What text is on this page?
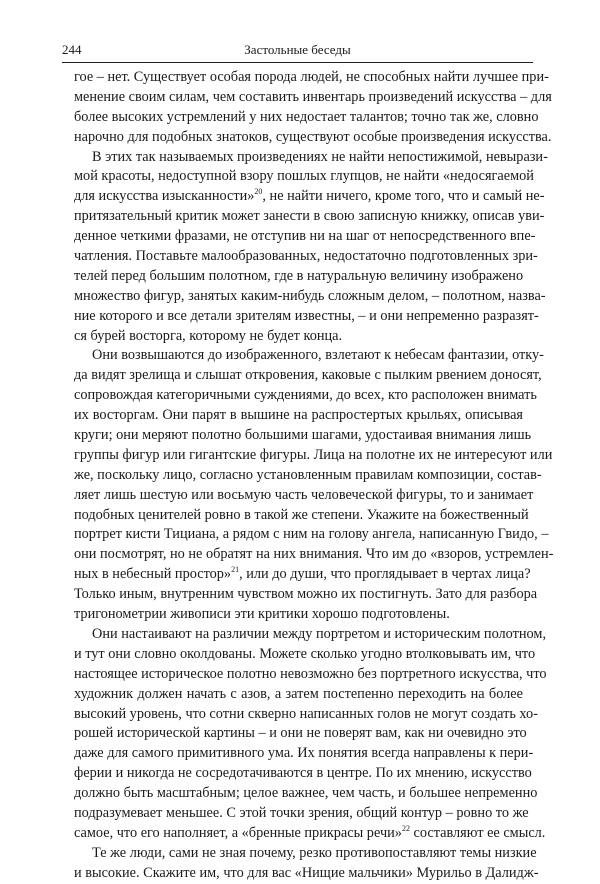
244	Застольные беседы
гое – нет. Существует особая порода людей, не способных найти лучшее при-
менение своим силам, чем составить инвентарь произведений искусства – для
более высоких устремлений у них недостает талантов; точно так же, словно
нарочно для подобных знатоков, существуют особые произведения искусства.
В этих так называемых произведениях не найти непостижимой, невырази-
мой красоты, недоступной взору пошлых глупцов, не найти «недосягаемой
для искусства изысканности»$^{20}$, не найти ничего, кроме того, что и самый не-
притязательный критик может занести в свою записную книжку, описав уви-
денное четкими фразами, не отступив ни на шаг от непосредственного впе-
чатления. Поставьте малообразованных, недостаточно подготовленных зри-
телей перед большим полотном, где в натуральную величину изображено
множество фигур, занятых каким-нибудь сложным делом, – полотном, назва-
ние которого и все детали зрителям известны, – и они непременно разразят-
ся бурей восторга, которому не будет конца.
Они возвышаются до изображенного, взлетают к небесам фантазии, отку-
да видят зрелища и слышат откровения, каковые с пылким рвением доносят,
сопровождая категоричными суждениями, до всех, кто расположен внимать
их восторгам. Они парят в вышине на распростертых крыльях, описывая
круги; они меряют полотно большими шагами, удостаивая внимания лишь
группы фигур или гигантские фигуры. Лица на полотне их не интересуют или
же, поскольку лицо, согласно установленным правилам композиции, состав-
ляет лишь шестую или восьмую часть человеческой фигуры, то и занимает
подобных ценителей ровно в такой же степени. Укажите на божественный
портрет кисти Тициана, а рядом с ним на голову ангела, написанную Гвидо, –
они посмотрят, но не обратят на них внимания. Что им до «взоров, устремлен-
ных в небесный простор»$^{21}$, или до души, что проглядывает в чертах лица?
Только иным, внутренним чувством можно их постигнуть. Зато для разбора
тригонометрии живописи эти критики хорошо подготовлены.
Они настаивают на различии между портретом и историческим полотном,
и тут они словно околдованы. Можете сколько угодно втолковывать им, что
настоящее историческое полотно невозможно без портретного искусства, что
художник должен начать с азов, а затем постепенно переходить на более
высокий уровень, что сотни скверно написанных голов не могут создать хо-
рошей исторической картины – и они не поверят вам, как ни очевидно это
даже для самого примитивного ума. Их понятия всегда направлены к пери-
ферии и никогда не сосредотачиваются в центре. По их мнению, искусство
должно быть масштабным; целое важнее, чем часть, и большее непременно
подразумевает меньшее. С этой точки зрения, общий контур – ровно то же
самое, что его наполняет, а «бренные прикрасы речи»$^{22}$ составляют ее смысл.
Те же люди, сами не зная почему, резко противопоставляют темы низкие
и высокие. Скажите им, что для вас «Нищие мальчики» Мурильо в Далидж-
